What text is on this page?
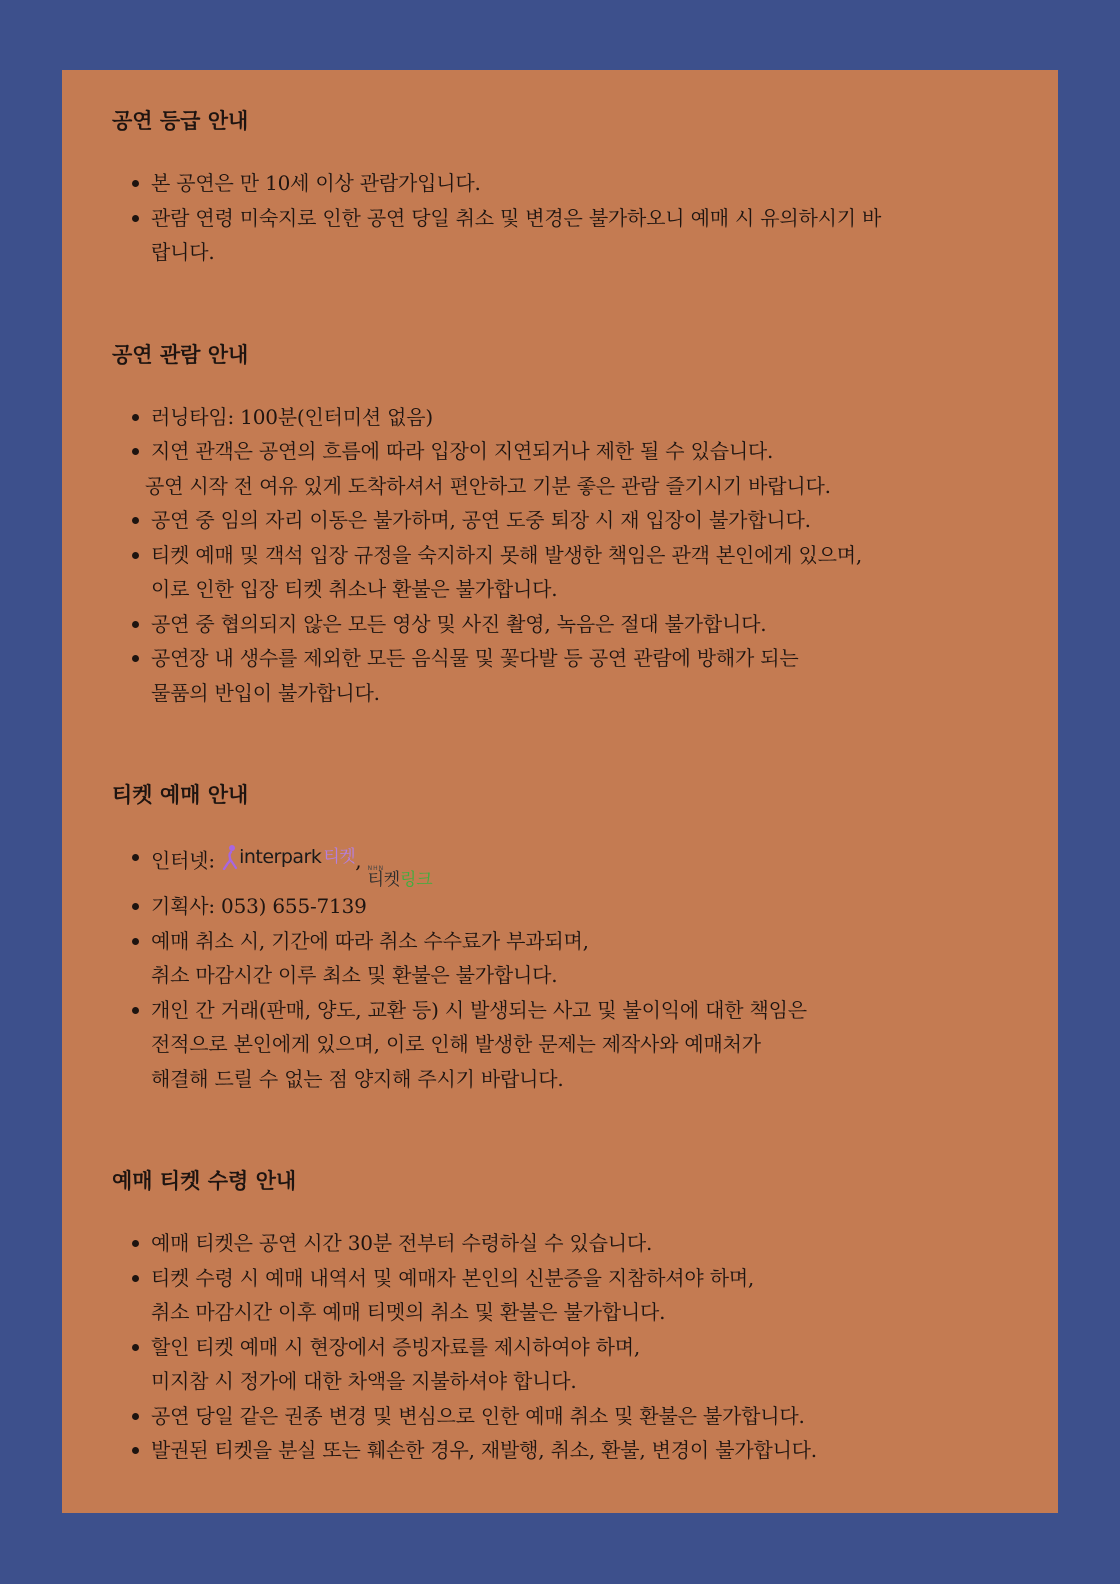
공연 등급 안내
본 공연은 만 10세 이상 관람가입니다.
관람 연령 미숙지로 인한 공연 당일 취소 및 변경은 불가하오니 예매 시 유의하시기 바
랍니다.
공연 관람 안내
러닝타임: 100분(인터미션 없음)
지연 관객은 공연의 흐름에 따라 입장이 지연되거나 제한 될 수 있습니다.
공연 시작 전 여유 있게 도착하셔서 편안하고 기분 좋은 관람 즐기시기 바랍니다.
공연 중 임의 자리 이동은 불가하며, 공연 도중 퇴장 시 재 입장이 불가합니다.
티켓 예매 및 객석 입장 규정을 숙지하지 못해 발생한 책임은 관객 본인에게 있으며,
이로 인한 입장 티켓 취소나 환불은 불가합니다.
공연 중 협의되지 않은 모든 영상 및 사진 촬영, 녹음은 절대 불가합니다.
공연장 내 생수를 제외한 모든 음식물 및 꽃다발 등 공연 관람에 방해가 되는
물품의 반입이 불가합니다.
티켓 예매 안내
인터넷: interpark 티켓 , NHN
티켓링크
기획사: 053) 655-7139
예매 취소 시, 기간에 따라 취소 수수료가 부과되며,
취소 마감시간 이루 최소 및 환불은 불가합니다.
개인 간 거래(판매, 양도, 교환 등) 시 발생되는 사고 및 불이익에 대한 책임은
전적으로 본인에게 있으며, 이로 인해 발생한 문제는 제작사와 예매처가
해결해 드릴 수 없는 점 양지해 주시기 바랍니다.
예매 티켓 수령 안내
예매 티켓은 공연 시간 30분 전부터 수령하실 수 있습니다.
티켓 수령 시 예매 내역서 및 예매자 본인의 신분증을 지참하셔야 하며,
취소 마감시간 이후 예매 티멧의 취소 및 환불은 불가합니다.
할인 티켓 예매 시 현장에서 증빙자료를 제시하여야 하며,
미지참 시 정가에 대한 차액을 지불하셔야 합니다.
공연 당일 같은 권종 변경 및 변심으로 인한 예매 취소 및 환불은 불가합니다.
발권된 티켓을 분실 또는 훼손한 경우, 재발행, 취소, 환불, 변경이 불가합니다.
